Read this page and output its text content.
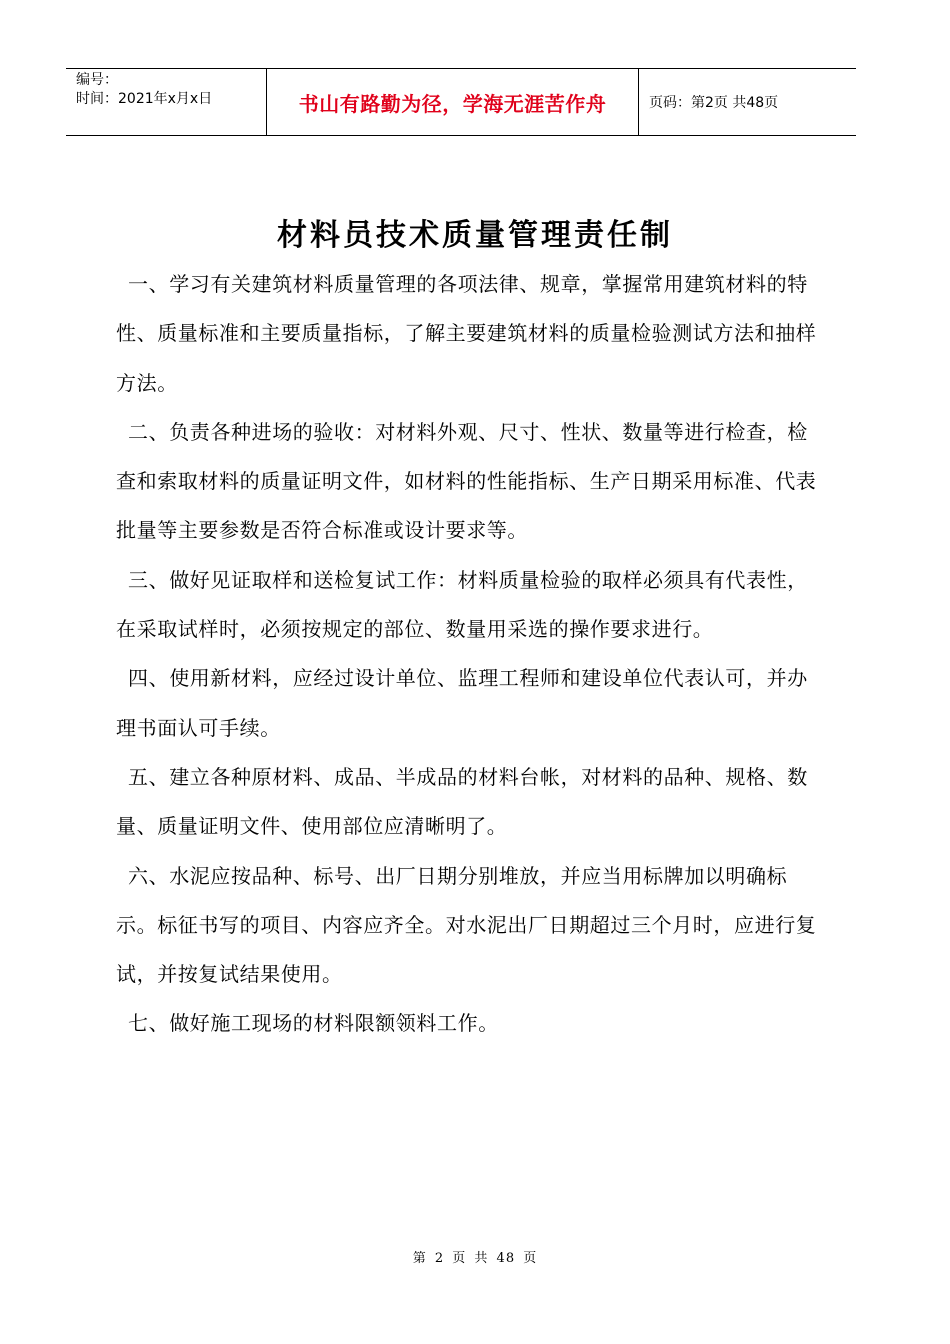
编号：
时间：2021年x月x日	书山有路勤为径，学海无涯苦作舟	页码：第2页 共48页
材料员技术质量管理责任制

一、学习有关建筑材料质量管理的各项法律、规章，掌握常用建筑材料的特性、质量标准和主要质量指标，了解主要建筑材料的质量检验测试方法和抽样方法。

二、负责各种进场的验收：对材料外观、尺寸、性状、数量等进行检查，检查和索取材料的质量证明文件，如材料的性能指标、生产日期采用标准、代表批量等主要参数是否符合标准或设计要求等。

三、做好见证取样和送检复试工作：材料质量检验的取样必须具有代表性，在采取试样时，必须按规定的部位、数量用采选的操作要求进行。

四、使用新材料，应经过设计单位、监理工程师和建设单位代表认可，并办理书面认可手续。

五、建立各种原材料、成品、半成品的材料台帐，对材料的品种、规格、数量、质量证明文件、使用部位应清晰明了。

六、水泥应按品种、标号、出厂日期分别堆放，并应当用标牌加以明确标示。标征书写的项目、内容应齐全。对水泥出厂日期超过三个月时，应进行复试，并按复试结果使用。

七、做好施工现场的材料限额领料工作。

第 2 页 共 48 页
